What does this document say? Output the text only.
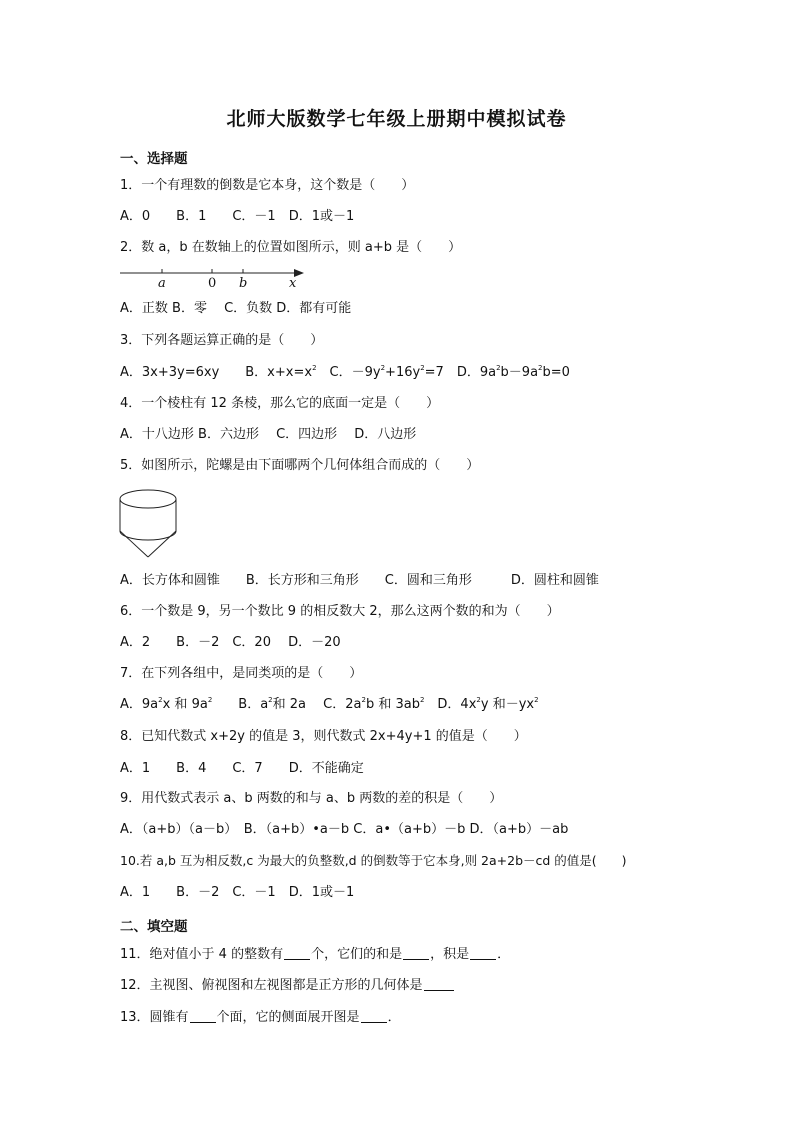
北师大版数学七年级上册期中模拟试卷
一、选择题
1．一个有理数的倒数是它本身，这个数是（　　）
A．0　　B．1　　C．－1　D．1或－1
2．数 a，b 在数轴上的位置如图所示，则 a+b 是（　　）
a	0 b	x
A．正数 B．零　 C．负数 D．都有可能
3．下列各题运算正确的是（　　）
A．3x+3y=6xy　　B．$x+x=x^2$　C．$-9y^2+16y^2=7$　D．$9a^2b-9a^2b=0$
4．一个棱柱有 12 条棱，那么它的底面一定是（　　）
A．十八边形 B．六边形　 C．四边形　 D．八边形
5．如图所示，陀螺是由下面哪两个几何体组合而成的（　　）
A．长方体和圆锥　　B．长方形和三角形　　C．圆和三角形　　　D．圆柱和圆锥
6．一个数是 9，另一个数比 9 的相反数大 2，那么这两个数的和为（　　）
A．2　　B．－2　C．20　 D．－20
7．在下列各组中，是同类项的是（　　）
A．$9a^2x$ 和 $9a^2$　　B．$a^2$和 2a　 C．$2a^2b$ 和 $3ab^2$　D．$4x^2y$ 和$-yx^2$
8．已知代数式 x+2y 的值是 3，则代数式 2x+4y+1 的值是（　　）
A．1　　B．4　　C．7　　D．不能确定
9．用代数式表示 a、b 两数的和与 a、b 两数的差的积是（　　）
A．（a+b）（a－b）　B．（a+b）•a－b C．a•（a+b）－b D．（a+b）－ab
10.若 a,b 互为相反数,c 为最大的负整数,d 的倒数等于它本身,则 2a+2b－cd 的值是(　　)
A．1　　B．－2　C．－1　D．1或－1
二、填空题
11．绝对值小于 4 的整数有 个，它们的和是 ，积是 ．
12．主视图、俯视图和左视图都是正方形的几何体是
13．圆锥有 个面，它的侧面展开图是 ．
